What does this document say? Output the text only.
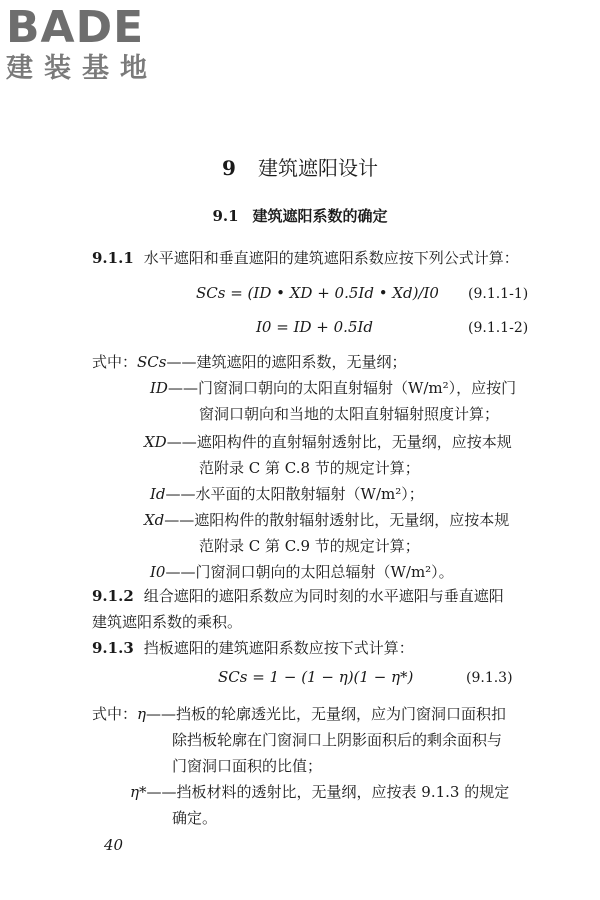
BADE
建装基地
9 建筑遮阳设计
9.1 建筑遮阳系数的确定
9.1.1 水平遮阳和垂直遮阳的建筑遮阳系数应按下列公式计算：
SCs = (ID • XD + 0.5Id • Xd)/I0 (9.1.1-1)
I0 = ID + 0.5Id	(9.1.1-2)
式中：SCs——建筑遮阳的遮阳系数，无量纲；
ID——门窗洞口朝向的太阳直射辐射（W/m²），应按门
窗洞口朝向和当地的太阳直射辐射照度计算；
XD——遮阳构件的直射辐射透射比，无量纲，应按本规
范附录 C 第 C.8 节的规定计算；
Id——水平面的太阳散射辐射（W/m²）；
Xd——遮阳构件的散射辐射透射比，无量纲，应按本规
范附录 C 第 C.9 节的规定计算；
I0——门窗洞口朝向的太阳总辐射（W/m²）。
9.1.2 组合遮阳的遮阳系数应为同时刻的水平遮阳与垂直遮阳
建筑遮阳系数的乘积。
9.1.3 挡板遮阳的建筑遮阳系数应按下式计算：
SCs = 1 − (1 − η)(1 − η*)	(9.1.3)
式中：η——挡板的轮廓透光比，无量纲，应为门窗洞口面积扣
除挡板轮廓在门窗洞口上阴影面积后的剩余面积与
门窗洞口面积的比值；
η*——挡板材料的透射比，无量纲，应按表 9.1.3 的规定
确定。
40
